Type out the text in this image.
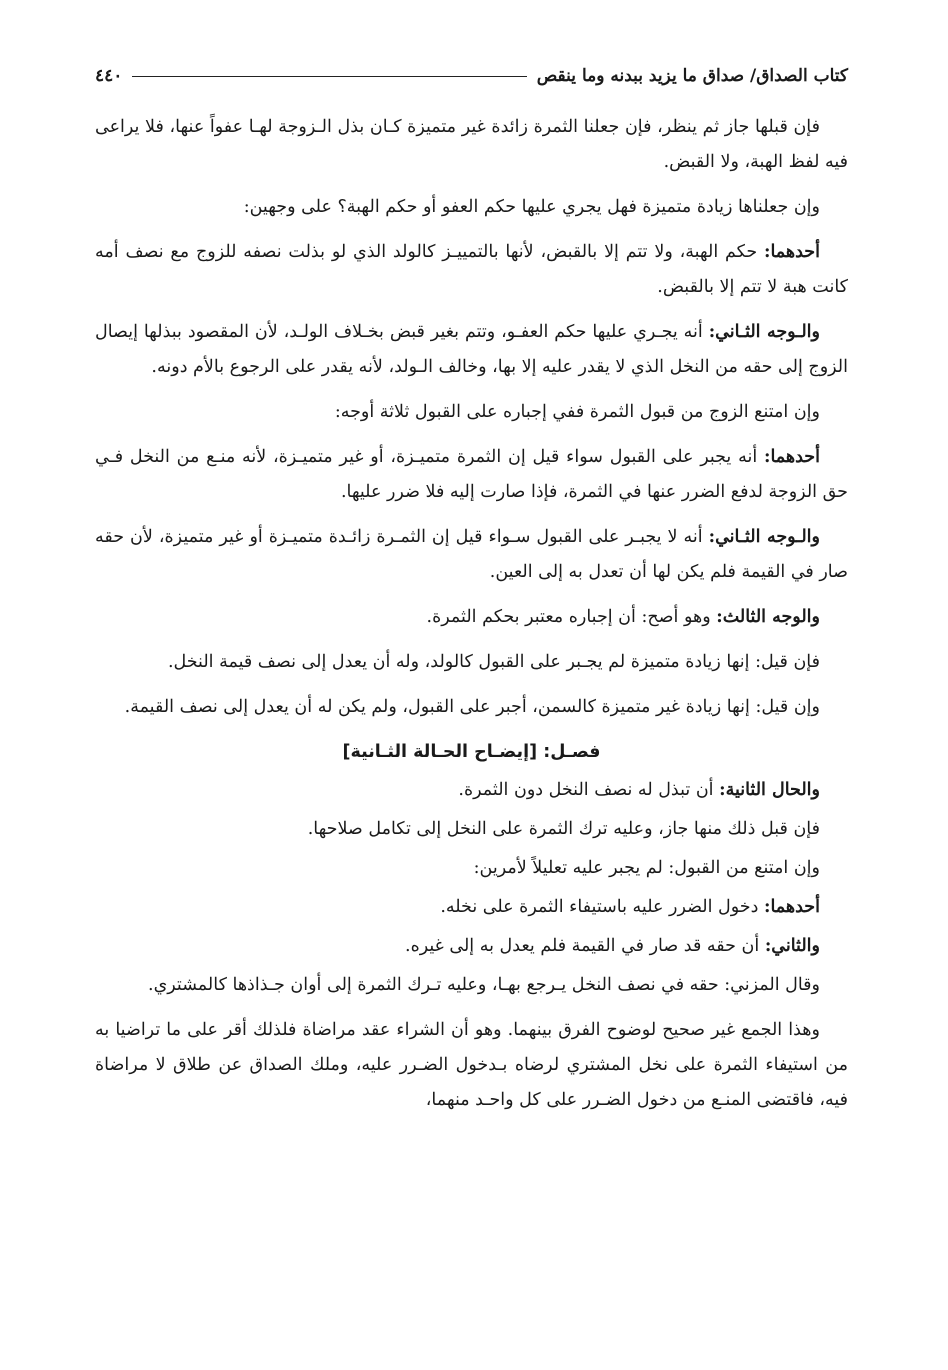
كتاب الصداق/ صداق ما يزيد ببدنه وما ينقص
٤٤٠

فإن قبلها جاز ثم ينظر، فإن جعلنا الثمرة زائدة غير متميزة كـان بذل الـزوجة لهـا عفواً عنها، فلا يراعى فيه لفظ الهبة، ولا القبض.

وإن جعلناها زيادة متميزة فهل يجري عليها حكم العفو أو حكم الهبة؟ على وجهين:

أحدهما: حكم الهبة، ولا تتم إلا بالقبض، لأنها بالتمييـز كالولد الذي لو بذلت نصفه للزوج مع نصف أمه كانت هبة لا تتم إلا بالقبض.

والـوجه الثـاني: أنه يجـري عليها حكم العفـو، وتتم بغير قبض بخـلاف الولـد، لأن المقصود ببذلها إيصال الزوج إلى حقه من النخل الذي لا يقدر عليه إلا بها، وخالف الـولد، لأنه يقدر على الرجوع بالأم دونه.

وإن امتنع الزوج من قبول الثمرة ففي إجباره على القبول ثلاثة أوجه:

أحدهما: أنه يجبر على القبول سواء قيل إن الثمرة متميـزة، أو غير متميـزة، لأنه منـع من النخل فـي حق الزوجة لدفع الضرر عنها في الثمرة، فإذا صارت إليه فلا ضرر عليها.

والـوجه الثـاني: أنه لا يجبـر على القبول سـواء قيل إن الثمـرة زائـدة متميـزة أو غير متميزة، لأن حقه صار في القيمة فلم يكن لها أن تعدل به إلى العين.

والوجه الثالث: وهو أصح: أن إجباره معتبر بحكم الثمرة.

فإن قيل: إنها زيادة متميزة لم يجـبر على القبول كالولد، وله أن يعدل إلى نصف قيمة النخل.

وإن قيل: إنها زيادة غير متميزة كالسمن، أجبر على القبول، ولم يكن له أن يعدل إلى نصف القيمة.

فصـل: [إيضـاح الحـالة الثـانية]

والحال الثانية: أن تبذل له نصف النخل دون الثمرة.

فإن قبل ذلك منها جاز، وعليه ترك الثمرة على النخل إلى تكامل صلاحها.

وإن امتنع من القبول: لم يجبر عليه تعليلاً لأمرين:

أحدهما: دخول الضرر عليه باستيفاء الثمرة على نخله.

والثاني: أن حقه قد صار في القيمة فلم يعدل به إلى غيره.

وقال المزني: حقه في نصف النخل يـرجع بهـا، وعليه تـرك الثمرة إلى أوان جـذاذها كالمشتري.

وهذا الجمع غير صحيح لوضوح الفرق بينهما. وهو أن الشراء عقد مراضاة فلذلك أقر على ما تراضيا به من استيفاء الثمرة على نخل المشتري لرضاه بـدخول الضـرر عليه، وملك الصداق عن طلاق لا مراضاة فيه، فاقتضى المنـع من دخول الضـرر على كل واحـد منهما،
